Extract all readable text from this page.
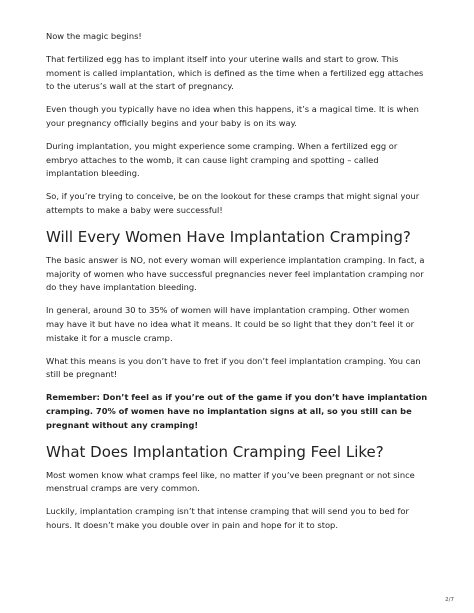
Now the magic begins!

That fertilized egg has to implant itself into your uterine walls and start to grow. This moment is called implantation, which is defined as the time when a fertilized egg attaches to the uterus’s wall at the start of pregnancy.

Even though you typically have no idea when this happens, it’s a magical time. It is when your pregnancy officially begins and your baby is on its way.

During implantation, you might experience some cramping. When a fertilized egg or embryo attaches to the womb, it can cause light cramping and spotting – called implantation bleeding.

So, if you’re trying to conceive, be on the lookout for these cramps that might signal your attempts to make a baby were successful!

Will Every Women Have Implantation Cramping?

The basic answer is NO, not every woman will experience implantation cramping. In fact, a majority of women who have successful pregnancies never feel implantation cramping nor do they have implantation bleeding.

In general, around 30 to 35% of women will have implantation cramping. Other women may have it but have no idea what it means. It could be so light that they don’t feel it or mistake it for a muscle cramp.

What this means is you don’t have to fret if you don’t feel implantation cramping. You can still be pregnant!

Remember: Don’t feel as if you’re out of the game if you don’t have implantation cramping. 70% of women have no implantation signs at all, so you still can be pregnant without any cramping!

What Does Implantation Cramping Feel Like?

Most women know what cramps feel like, no matter if you’ve been pregnant or not since menstrual cramps are very common.

Luckily, implantation cramping isn’t that intense cramping that will send you to bed for hours. It doesn’t make you double over in pain and hope for it to stop.

2/7
